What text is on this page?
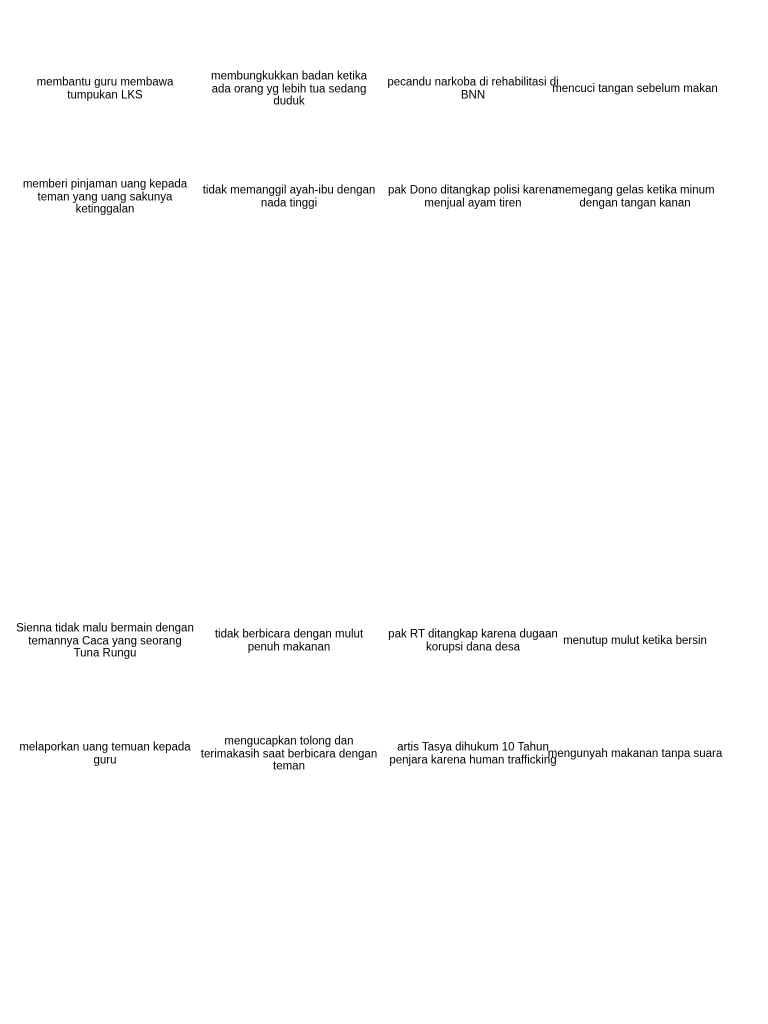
membantu guru membawa tumpukan LKS
membungkukkan badan ketika ada orang yg lebih tua sedang duduk
pecandu narkoba di rehabilitasi di BNN
mencuci tangan sebelum makan
memberi pinjaman uang kepada teman yang uang sakunya ketinggalan
tidak memanggil ayah-ibu dengan nada tinggi
pak Dono ditangkap polisi karena menjual ayam tiren
memegang gelas ketika minum dengan tangan kanan
Sienna tidak malu bermain dengan temannya Caca yang seorang Tuna Rungu
tidak berbicara dengan mulut penuh makanan
pak RT ditangkap karena dugaan korupsi dana desa
menutup mulut ketika bersin
melaporkan uang temuan kepada guru
mengucapkan tolong dan terimakasih saat berbicara dengan teman
artis Tasya dihukum 10 Tahun penjara karena human trafficking
mengunyah makanan tanpa suara
